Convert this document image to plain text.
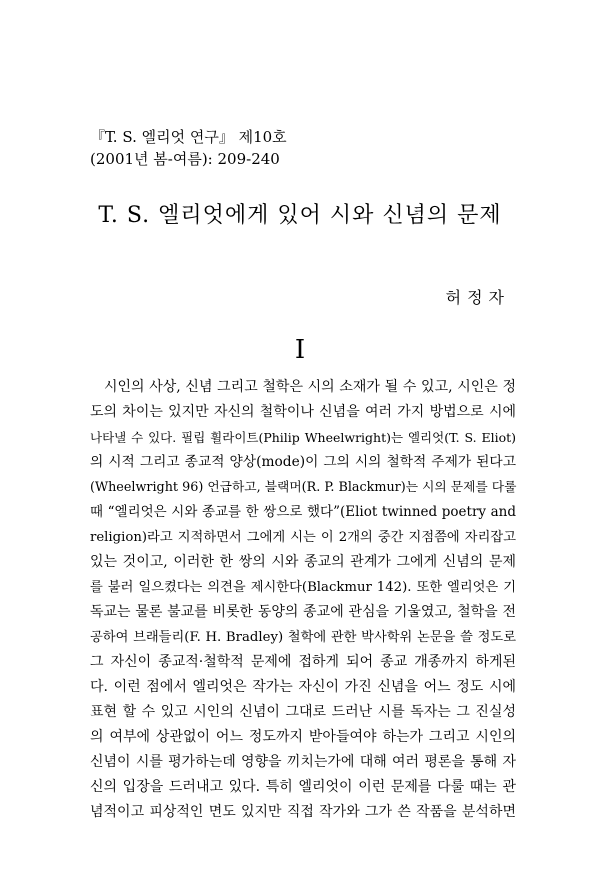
『T. S. 엘리엇 연구』 제10호
(2001년 봄-여름): 209-240
T. S. 엘리엇에게 있어 시와 신념의 문제
허정자
I
시인의 사상, 신념 그리고 철학은 시의 소재가 될 수 있고, 시인은 정
도의 차이는 있지만 자신의 철학이나 신념을 여러 가지 방법으로 시에
나타낼 수 있다. 필립 휠라이트(Philip Wheelwright)는 엘리엇(T. S. Eliot)
의 시적 그리고 종교적 양상(mode)이 그의 시의 철학적 주제가 된다고
(Wheelwright 96) 언급하고, 블랙머(R. P. Blackmur)는 시의 문제를 다룰
때 “엘리엇은 시와 종교를 한 쌍으로 했다”(Eliot twinned poetry and
religion)라고 지적하면서 그에게 시는 이 2개의 중간 지점쯤에 자리잡고
있는 것이고, 이러한 한 쌍의 시와 종교의 관계가 그에게 신념의 문제
를 불러 일으켰다는 의견을 제시한다(Blackmur 142). 또한 엘리엇은 기
독교는 물론 불교를 비롯한 동양의 종교에 관심을 기울였고, 철학을 전
공하여 브래들리(F. H. Bradley) 철학에 관한 박사학위 논문을 쓸 정도로
그 자신이 종교적·철학적 문제에 접하게 되어 종교 개종까지 하게된
다. 이런 점에서 엘리엇은 작가는 자신이 가진 신념을 어느 정도 시에
표현 할 수 있고 시인의 신념이 그대로 드러난 시를 독자는 그 진실성
의 여부에 상관없이 어느 정도까지 받아들여야 하는가 그리고 시인의
신념이 시를 평가하는데 영향을 끼치는가에 대해 여러 평론을 통해 자
신의 입장을 드러내고 있다. 특히 엘리엇이 이런 문제를 다룰 때는 관
념적이고 피상적인 면도 있지만 직접 작가와 그가 쓴 작품을 분석하면
